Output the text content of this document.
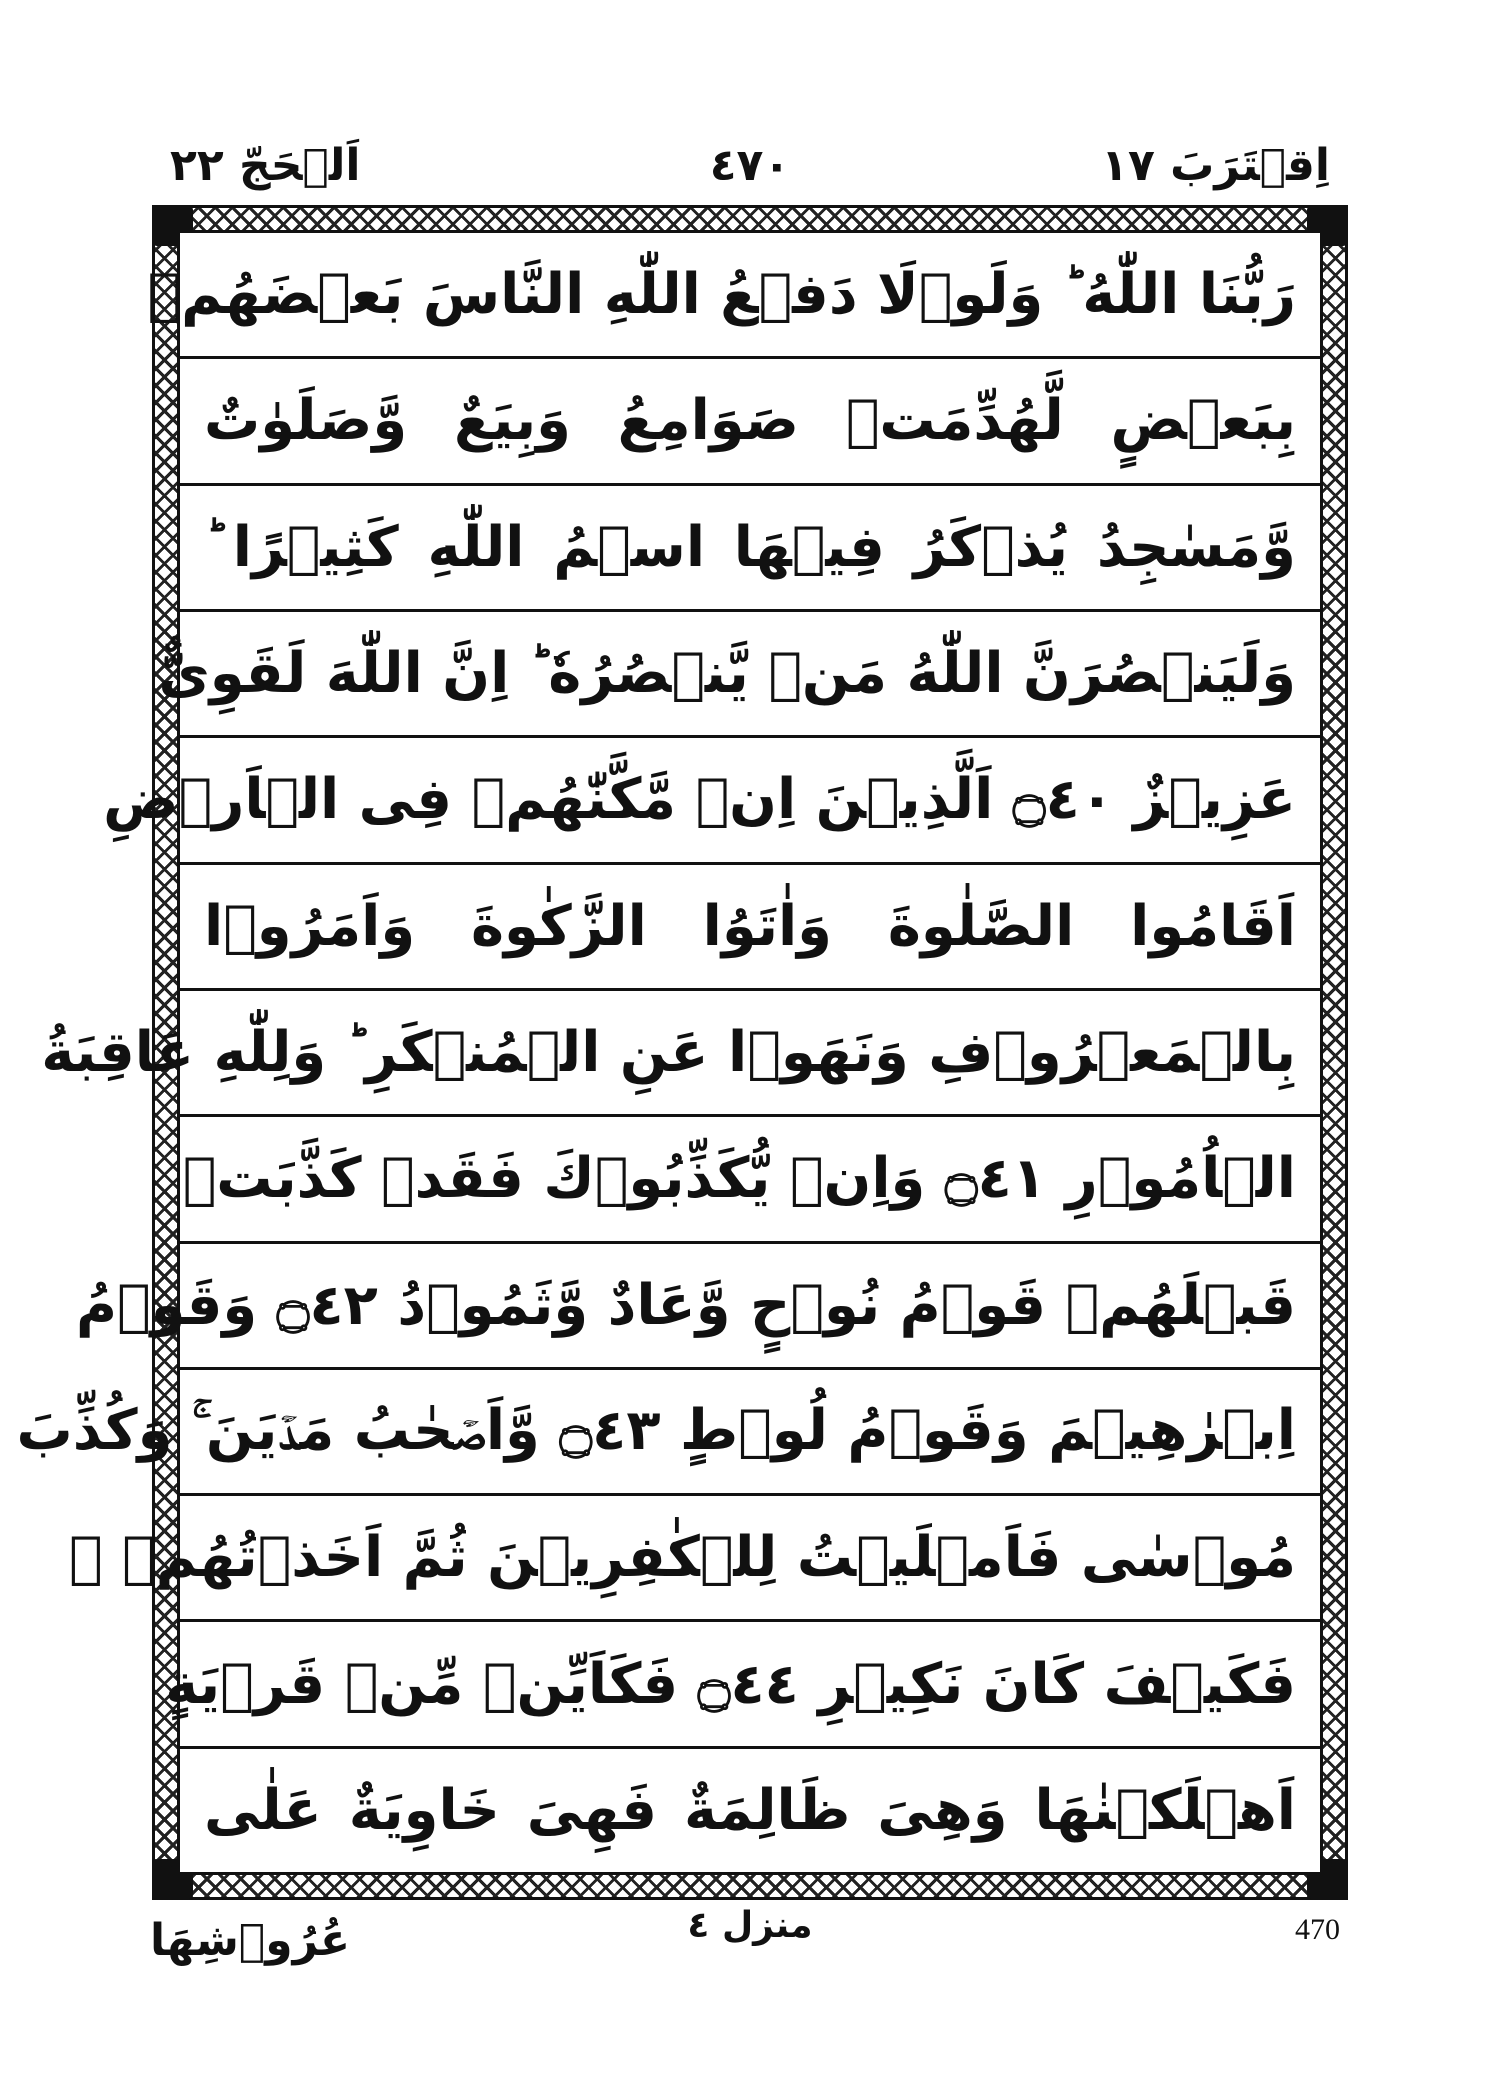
اِقۡتَرَبَ ١٧
٤٧٠
اَلۡحَجّ ٢٢
رَبُّنَا اللّٰهُ ؕ وَلَوۡلَا دَفۡعُ اللّٰهِ النَّاسَ بَعۡضَهُمۡ
بِبَعۡضٍ لَّهُدِّمَتۡ صَوَامِعُ وَبِيَعٌ وَّصَلَوٰتٌ
وَّمَسٰجِدُ يُذۡكَرُ فِيۡهَا اسۡمُ اللّٰهِ كَثِيۡرًا ؕ
وَلَيَنۡصُرَنَّ اللّٰهُ مَنۡ يَّنۡصُرُهٗ ؕ اِنَّ اللّٰهَ لَقَوِىٌّ
عَزِيۡزٌ ۝٤٠ اَلَّذِيۡنَ اِنۡ مَّكَّنّٰهُمۡ فِى الۡاَرۡضِ
اَقَامُوا الصَّلٰوةَ وَاٰتَوُا الزَّكٰوةَ وَاَمَرُوۡا
بِالۡمَعۡرُوۡفِ وَنَهَوۡا عَنِ الۡمُنۡكَرِ ؕ وَلِلّٰهِ عَاقِبَةُ
الۡاُمُوۡرِ ۝٤١ وَاِنۡ يُّكَذِّبُوۡكَ فَقَدۡ كَذَّبَتۡ
قَبۡلَهُمۡ قَوۡمُ نُوۡحٍ وَّعَادٌ وَّثَمُوۡدُ ۝٤٢ وَقَوۡمُ
اِبۡرٰهِيۡمَ وَقَوۡمُ لُوۡطٍ ۝٤٣ وَّاَصۡحٰبُ مَدۡيَنَ ۚ وَكُذِّبَ
مُوۡسٰى فَاَمۡلَيۡتُ لِلۡكٰفِرِيۡنَ ثُمَّ اَخَذۡتُهُمۡ ۚ
فَكَيۡفَ كَانَ نَكِيۡرِ ۝٤٤ فَكَاَيِّنۡ مِّنۡ قَرۡيَةٍ
اَهۡلَكۡنٰهَا وَهِىَ ظَالِمَةٌ فَهِىَ خَاوِيَةٌ عَلٰى
عُرُوۡشِهَا	منزل ٤	470
